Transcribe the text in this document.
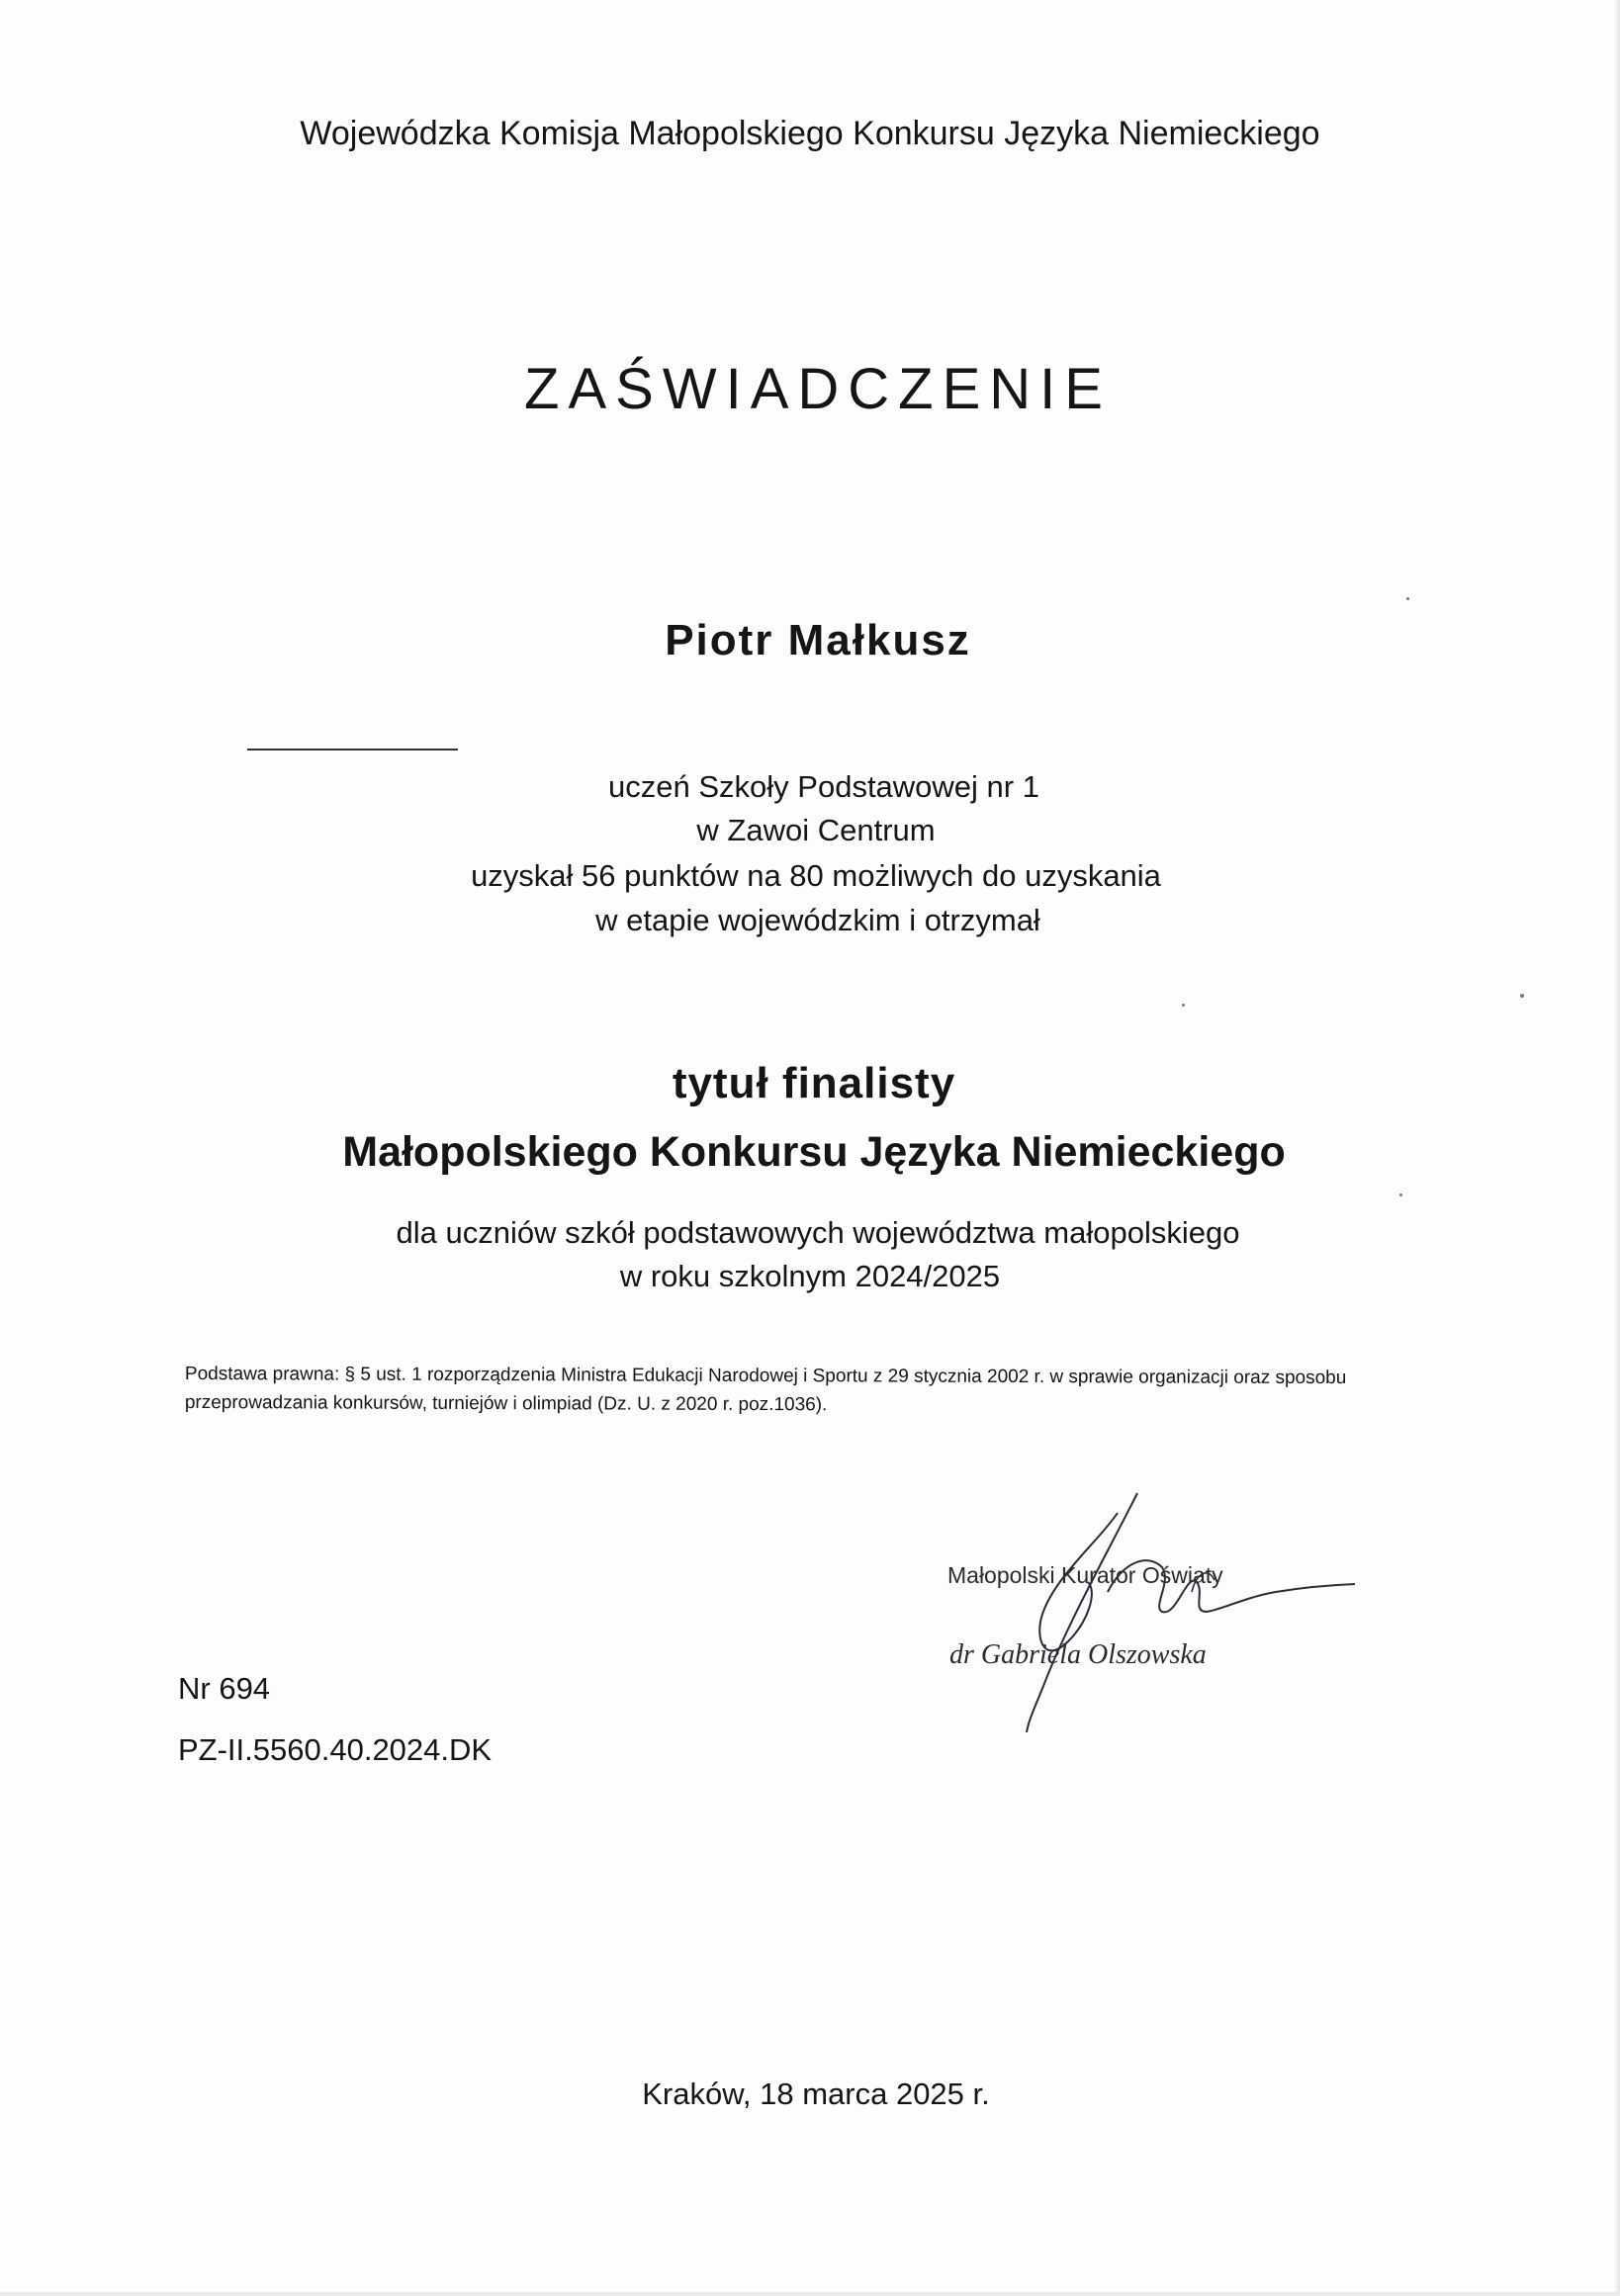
Wojewódzka Komisja Małopolskiego Konkursu Języka Niemieckiego
ZAŚWIADCZENIE
Piotr Małkusz
uczeń Szkoły Podstawowej nr 1
w Zawoi Centrum
uzyskał 56 punktów na 80 możliwych do uzyskania
w etapie wojewódzkim i otrzymał
tytuł finalisty
Małopolskiego Konkursu Języka Niemieckiego
dla uczniów szkół podstawowych województwa małopolskiego
w roku szkolnym 2024/2025
Podstawa prawna: § 5 ust. 1 rozporządzenia Ministra Edukacji Narodowej i Sportu z 29 stycznia 2002 r. w sprawie organizacji oraz sposobu przeprowadzania konkursów, turniejów i olimpiad (Dz. U. z 2020 r. poz.1036).
Małopolski Kurator Oświaty
dr Gabriela Olszowska
Nr 694
PZ-II.5560.40.2024.DK
Kraków, 18 marca 2025 r.
